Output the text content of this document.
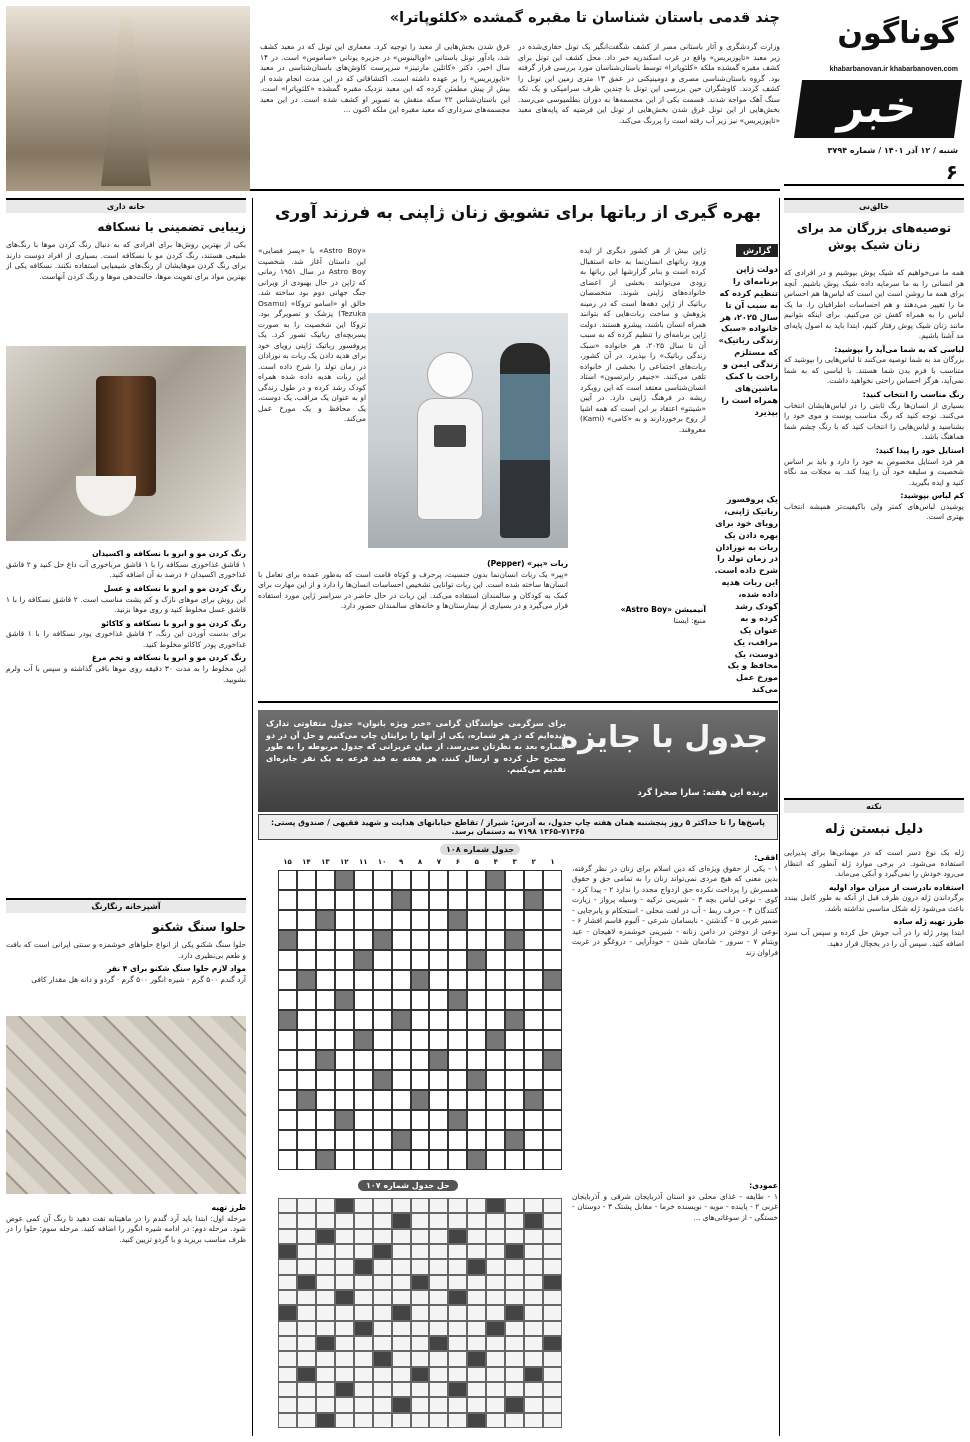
گوناگون
khabarbanovan.ir khabarbanoven.com
خبر
شنبه / ۱۲ آذر ۱۴۰۱ / شماره ۳۷۹۴
۶
چند قدمی باستان شناسان تا مقبره گمشده «کلئوپاترا»
وزارت گردشگری و آثار باستانی مصر از کشف شگفت‌انگیز یک تونل حفاری‌شده در زیر معبد «تاپوزیریس» واقع در غرب اسکندریه خبر داد. محل کشف این تونل برای کشف مقبره گمشده ملکه «کلئوپاترا» توسط باستان‌شناسان مورد بررسی قرار گرفته بود. گروه باستان‌شناسی مصری و دومینیکنی در عمق ۱۳ متری زمین این تونل را کشف کردند. کاوشگران حین بررسی این تونل با چندین ظرف سرامیکی و یک تکه سنگ آهک مواجه شدند. قسمت یکی از این مجسمه‌ها به دوران بطلمیوسی می‌رسد. بخش‌هایی از این تونل غرق شدن بخش‌هایی از تونل این فرضیه که پایه‌های معبد «تاپوزیریس» نیز زیر آب رفته است را پررنگ می‌کند.
غرق شدن بخش‌هایی از معبد را توجیه کرد. معماری این تونل که در معبد کشف شد، یادآور تونل باستانی «اوپالینوس» در جزیره یونانی «ساموس» است. در ۱۴ سال اخیر، دکتر «کاتلین مارتینز» سرپرست کاوش‌های باستان‌شناسی در معبد «تاپوزیریس» را بر عهده داشته است. اکتشافاتی که در این مدت انجام شده از بیش از پیش مطمئن کرده که این معبد نزدیک مقبره گمشده «کلئوپاترا» است. این باستان‌شناس ۲۲ سکه منقش به تصویر او کشف شده است. در این معبد مجسمه‌های سرداری که معبد مقبره این ملکه اکنون ...
خالق‌نی
توصیه‌های بزرگان مد برای زنان شیک پوش

همه ما می‌خواهیم که شیک پوش بپوشیم و در افرادی که هر انسانی را به ما سرمایه داده شیک پوش باشیم. آنچه برای همه ما روشن است این است که لباس‌ها هم احساس ما را تغییر می‌دهند و هم احساسات اطرافیان را. ما یک لباس را به همراه کفش تن می‌کنیم. برای اینکه بتوانیم مانند زنان شیک پوش رفتار کنیم، ابتدا باید به اصول پایه‌ای مد آشنا باشیم.

لباسی که به شما می‌آید را بپوشید:

بزرگان مد به شما توصیه می‌کنند تا لباس‌هایی را بپوشید که متناسب با فرم بدن شما هستند. با لباسی که به شما نمی‌آید، هرگز احساس راحتی نخواهید داشت.

رنگ مناسب را انتخاب کنید:

بسیاری از انسان‌ها رنگ ثابتی را در لباس‌هایشان انتخاب می‌کنند. توجه کنید که رنگ مناسب پوست و موی خود را بشناسید و لباس‌هایی را انتخاب کنید که با رنگ چشم شما هماهنگ باشد.

استایل خود را پیدا کنید:

هر فرد استایل مخصوص به خود را دارد و باید بر اساس شخصیت و سلیقه خود آن را پیدا کند. به مجلات مد نگاه کنید و ایده بگیرید.

کم لباس بپوشید:

پوشیدن لباس‌های کمتر ولی باکیفیت‌تر همیشه انتخاب بهتری است.

نکته
دلیل نبستن ژله

ژله یک نوع دسر است که در مهمانی‌ها برای پذیرایی استفاده می‌شود. در برخی موارد ژله آنطور که انتظار می‌رود خودش را نمی‌گیرد و آبکی می‌ماند.

استفاده نادرست از میزان مواد اولیه

برگرداندن ژله درون ظرف قبل از آنکه به طور کامل ببندد باعث می‌شود ژله شکل مناسبی نداشته باشد.

طرز تهیه ژله ساده

ابتدا پودر ژله را در آب جوش حل کرده و سپس آب سرد اضافه کنید. سپس آن را در یخچال قرار دهید.

خانه داری
زیبایی تضمینی با نسکافه
یکی از بهترین روش‌ها برای افرادی که به دنبال رنگ کردن موها با رنگ‌های طبیعی هستند، رنگ کردن مو با نسکافه است. بسیاری از افراد دوست دارند برای رنگ کردن موهایشان از رنگ‌های شیمیایی استفاده نکنند. نسکافه یکی از بهترین مواد برای تقویت موها، حالت‌دهی موها و رنگ کردن آنهاست.
رنگ کردن مو و ابرو با نسکافه و اکسیدان

۱ قاشق غذاخوری نسکافه را با ۱ قاشق مرباخوری آب داغ حل کنید و ۲ قاشق غذاخوری اکسیدان ۶ درصد به آن اضافه کنید.

رنگ کردن مو و ابرو با نسکافه و عسل

این روش برای موهای نازک و کم پشت مناسب است. ۲ قاشق نسکافه را با ۱ قاشق عسل مخلوط کنید و روی موها بزنید.

رنگ کردن مو و ابرو با نسکافه و کاکائو

برای بدست آوردن این رنگ، ۲ قاشق غذاخوری پودر نسکافه را با ۱ قاشق غذاخوری پودر کاکائو مخلوط کنید.

رنگ کردن مو و ابرو با نسکافه و تخم مرغ

این مخلوط را به مدت ۳۰ دقیقه روی موها باقی گذاشته و سپس با آب ولرم بشویید.

آشپزخانه رنگارنگ
حلوا سنگ شکنو

حلوا سنگ شکنو یکی از انواع حلواهای خوشمزه و سنتی ایرانی است که بافت و طعم بی‌نظیری دارد.

مواد لازم حلوا سنگ شکنو برای ۴ نفر

آرد گندم ۵۰۰ گرم · شیره انگور ۵۰۰ گرم · گردو و دانه هل مقدار کافی

طرز تهیه

مرحله اول: ابتدا باید آرد گندم را در ماهیتابه تفت دهید تا رنگ آن کمی عوض شود. مرحله دوم: در ادامه شیره انگور را اضافه کنید. مرحله سوم: حلوا را در ظرف مناسب بریزید و با گردو تزیین کنید.

بهره گیری از رباتها برای تشویق زنان ژاپنی به فرزند آوری
گزارش
دولت ژاپن برنامه‌ای را تنظیم کرده که به سبب آن تا سال ۲۰۲۵، هر خانواده «سبک زندگی رباتیک» که مستلزم زندگی ایمن و راحت با کمک ماشین‌های همراه است را بپذیرد
یک پروفسور رباتیک ژاپنی، رویای خود برای بهره دادن یک ربات به نوزادان در زمان تولد را شرح داده است. این ربات هدیه داده شده، کودک رشد کرده و به عنوان یک مراقب، یک دوست، یک محافظ و یک مورخ عمل می‌کند
ژاپن بیش از هر کشور دیگری از ایده ورود رباتهای انسان‌نما به خانه استقبال کرده است و بنابر گزارشها این رباتها به زودی می‌توانند بخشی از اعضای خانواده‌های ژاپنی شوند. متخصصان رباتیک از ژاپن دهه‌ها است که در زمینه پژوهش و ساخت ربات‌هایی که بتوانند همراه انسان باشند، پیشرو هستند. دولت ژاپن برنامه‌ای را تنظیم کرده که به سبب آن تا سال ۲۰۲۵، هر خانواده «سبک زندگی رباتیک» را بپذیرد. در آن کشور، ربات‌های اجتماعی را بخشی از خانواده تلقی می‌کنند. «جنیفر رابرتسون» استاد انسان‌شناسی معتقد است که این رویکرد ریشه در فرهنگ ژاپنی دارد. در آیین «شینتو» اعتقاد بر این است که همه اشیا از روح برخوردارند و به «کامی» (Kami) معروفند.
«Astro Boy» یا «پسر فضایی» این داستان آغاز شد. شخصیت Astro Boy در سال ۱۹۵۱ زمانی که ژاپن در حال بهبودی از ویرانی جنگ جهانی دوم بود ساخته شد. خالق او «اسامو تزوکا» (Osamu Tezuka) پزشک و تصویرگر بود. تزوکا این شخصیت را به صورت پسربچه‌ای رباتیک تصور کرد. یک پروفسور رباتیک ژاپنی رویای خود برای هدیه دادن یک ربات به نوزادان در زمان تولد را شرح داده است. این ربات هدیه داده شده همراه کودک رشد کرده و در طول زندگی او به عنوان یک مراقب، یک دوست، یک محافظ و یک مورخ عمل می‌کند.
ربات «پپر» (Pepper)

«پپر» یک ربات انسان‌نما بدون جنسیت، پرحرف و کوتاه قامت است که به‌طور عمده برای تعامل با انسان‌ها ساخته شده است. این ربات توانایی تشخیص احساسات انسان‌ها را دارد و از این مهارت برای کمک به کودکان و سالمندان استفاده می‌کند. این ربات در حال حاضر در سراسر ژاپن مورد استفاده قرار می‌گیرد و در بسیاری از بیمارستان‌ها و خانه‌های سالمندان حضور دارد.	آنیمیشن «Astro Boy»

منبع: ایسنا

جدول با جایزه
برای سرگرمی خوانندگان گرامی «خبر ویژه بانوان» جدول متفاوتی تدارک دیده‌ایم که در هر شماره، یکی از آنها را برایتان چاپ می‌کنیم و حل آن در دو شماره بعد به نظرتان می‌رسد. از میان عزیزانی که جدول مربوطه را به طور صحیح حل کرده و ارسال کنند، هر هفته به قید قرعه به یک نفر جایزه‌ای تقدیم می‌کنیم.
برنده این هفته: سارا صحرا گرد
پاسخ‌ها را تا حداکثر ۵ روز پنجشنبه همان هفته چاپ جدول، به آدرس: شیراز / تقاطع خیابانهای هدایت و شهید فقیهی / صندوق پستی: ۷۱۳۶۵-۱۳۶۵ ۷۱۹۸ به دستمان برسد.
جدول شماره ۱۰۸
۱
۲
۳
۴
۵
۶
۷
۸
۹
۱۰
۱۱
۱۲
۱۳
۱۴
۱۵	افقی:

۱ - یکی از حقوق ویژه‌ای که دین اسلام برای زنان در نظر گرفته، بدین معنی که هیچ مردی نمی‌تواند زنان را به تمامی حق و حقوق همسرش را پرداخت نکرده حق ازدواج مجدد را ندارد ۲ - پیدا کرد - کوی - نوعی لباس بچه ۳ - شیرینی ترکیه - وسیله پرواز - زیارت کنندگان ۴ - حرف ربط - آب در لغت محلی - استحکام و پابرجایی - ضمیر غربی ۵ - گذشتن - نابسامان شرعی - آلبوم قاسم افشار ۶ - نوعی از دوختن در دامن زنانه - شیرینی خوشمزه لاهیجان - عید ویتنام ۷ - سرور - شادمان شدن - خودآرایی - دروغگو در غربت فراوان زند

عمودی:

۱ - طایفه - غذای محلی دو استان آذربایجان شرقی و آذربایجان غربی ۲ - پاینده - مویه - نویسنده خرما - مقابل پشتک ۳ - دوستان - خستگی - از سوغاتی‌های ...

حل جدول شماره ۱۰۷
